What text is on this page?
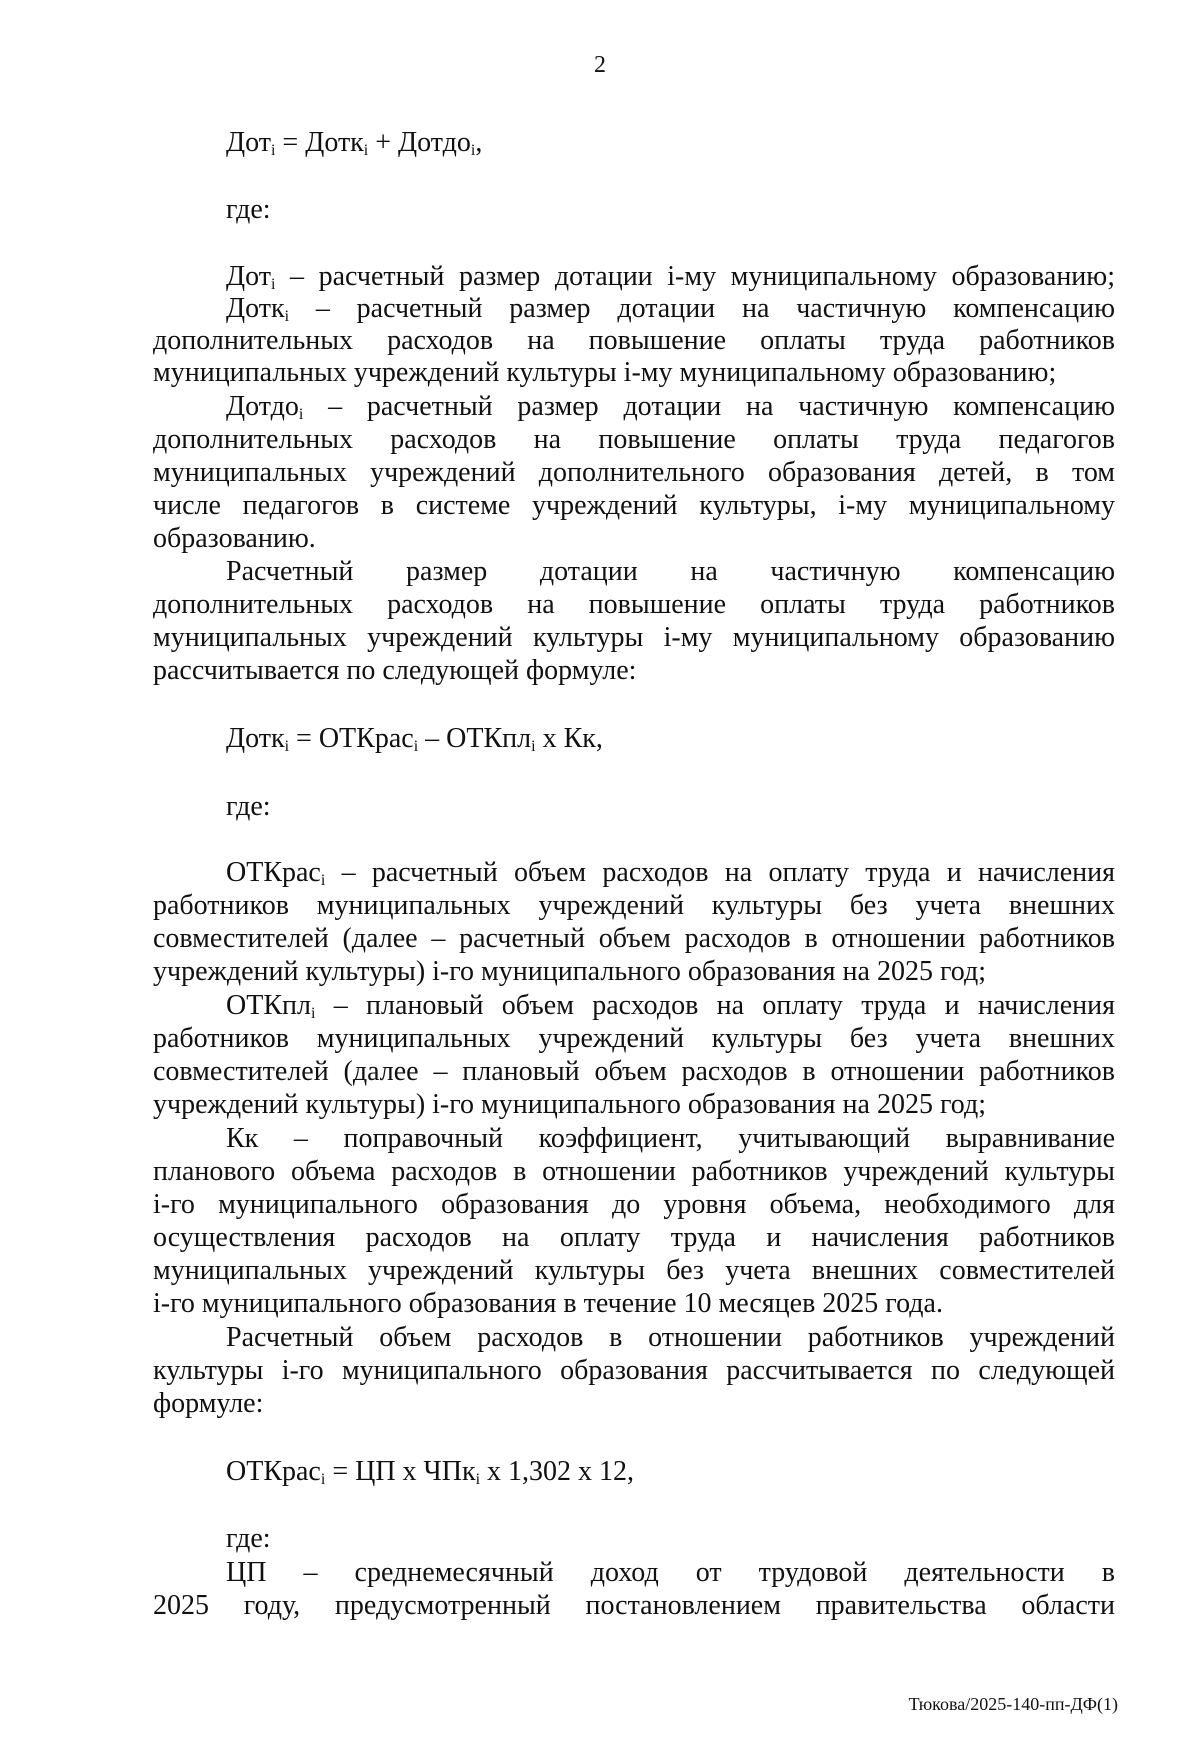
2
Дот$_i$ = Дотк$_i$ + Дотдо$_i$,
где:
Дот$_i$ – расчетный размер дотации i-му муниципальному образованию;
Дотк$_i$ – расчетный размер дотации на частичную компенсацию
дополнительных расходов на повышение оплаты труда работников
муниципальных учреждений культуры i-му муниципальному образованию;
Дотдо$_i$ – расчетный размер дотации на частичную компенсацию
дополнительных расходов на повышение оплаты труда педагогов
муниципальных учреждений дополнительного образования детей, в том
числе педагогов в системе учреждений культуры, i-му муниципальному
образованию.
Расчетный размер дотации на частичную компенсацию
дополнительных расходов на повышение оплаты труда работников
муниципальных учреждений культуры i-му муниципальному образованию
рассчитывается по следующей формуле:
Дотк$_i$ = ОТКрас$_i$ – ОТКпл$_i$ х Кк,
где:
ОТКрас$_i$ – расчетный объем расходов на оплату труда и начисления
работников муниципальных учреждений культуры без учета внешних
совместителей (далее – расчетный объем расходов в отношении работников
учреждений культуры) i-го муниципального образования на 2025 год;
ОТКпл$_i$ – плановый объем расходов на оплату труда и начисления
работников муниципальных учреждений культуры без учета внешних
совместителей (далее – плановый объем расходов в отношении работников
учреждений культуры) i-го муниципального образования на 2025 год;
Кк – поправочный коэффициент, учитывающий выравнивание
планового объема расходов в отношении работников учреждений культуры
i-го муниципального образования до уровня объема, необходимого для
осуществления расходов на оплату труда и начисления работников
муниципальных учреждений культуры без учета внешних совместителей
i-го муниципального образования в течение 10 месяцев 2025 года.
Расчетный объем расходов в отношении работников учреждений
культуры i-го муниципального образования рассчитывается по следующей
формуле:
ОТКрас$_i$ = ЦП х ЧПк$_i$ х 1,302 х 12,
где:
ЦП – среднемесячный доход от трудовой деятельности в
2025 году, предусмотренный постановлением правительства области
Тюкова/2025-140-пп-ДФ(1)
